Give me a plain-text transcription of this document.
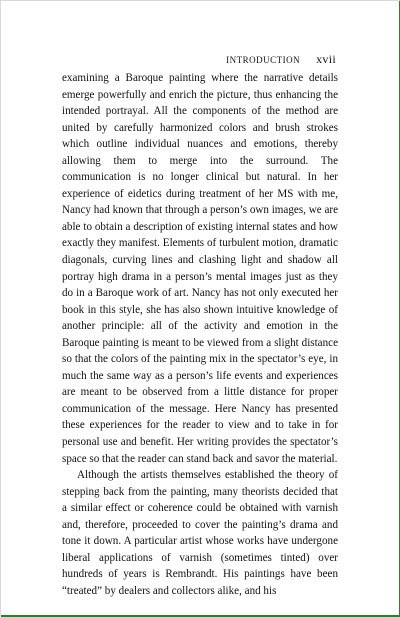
INTRODUCTION xvii

examining a Baroque painting where the narrative details emerge powerfully and enrich the picture, thus enhancing the intended portrayal. All the components of the method are united by carefully harmonized colors and brush strokes which outline individual nuances and emotions, thereby allowing them to merge into the surround. The communication is no longer clinical but natural. In her experience of eidetics during treatment of her MS with me, Nancy had known that through a person’s own images, we are able to obtain a description of existing internal states and how exactly they manifest. Elements of turbulent motion, dramatic diagonals, curving lines and clashing light and shadow all portray high drama in a person’s mental images just as they do in a Baroque work of art. Nancy has not only executed her book in this style, she has also shown intuitive knowledge of another principle: all of the activity and emotion in the Baroque painting is meant to be viewed from a slight distance so that the colors of the painting mix in the spectator’s eye, in much the same way as a person’s life events and experiences are meant to be observed from a little distance for proper communication of the message. Here Nancy has presented these experiences for the reader to view and to take in for personal use and benefit. Her writing provides the spectator’s space so that the reader can stand back and savor the material.

Although the artists themselves established the theory of stepping back from the painting, many theorists decided that a similar effect or coherence could be obtained with varnish and, therefore, proceeded to cover the painting’s drama and tone it down. A particular artist whose works have undergone liberal applications of varnish (sometimes tinted) over hundreds of years is Rembrandt. His paintings have been “treated” by dealers and collectors alike, and his
